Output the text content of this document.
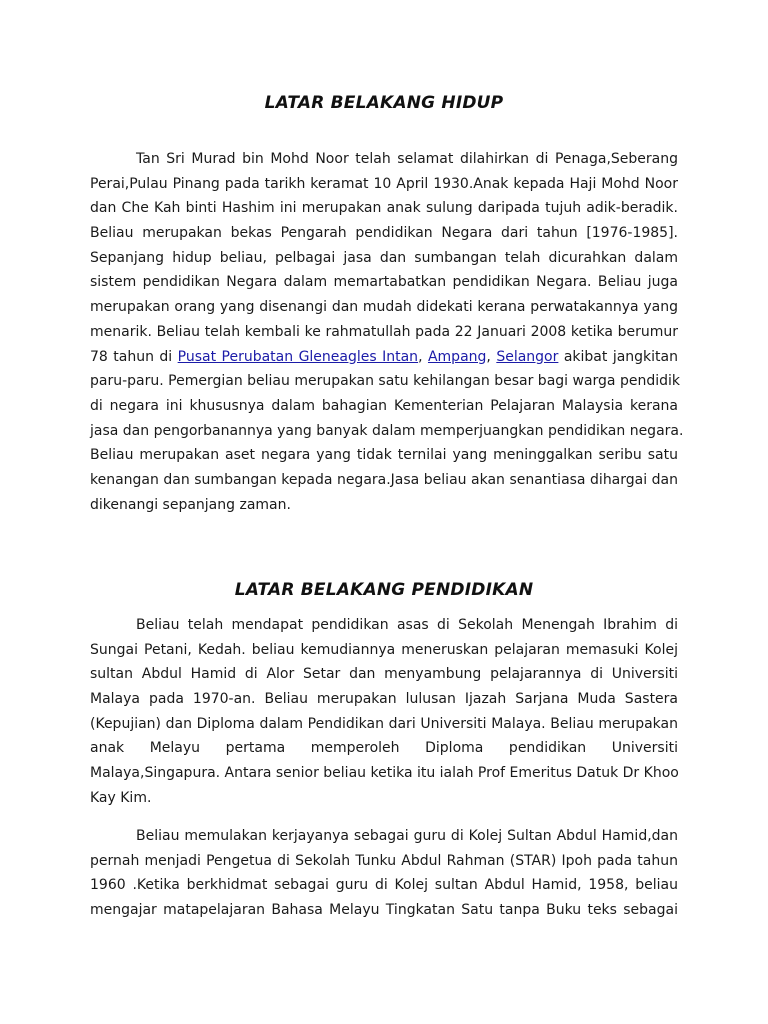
LATAR BELAKANG HIDUP
Tan Sri Murad bin Mohd Noor telah selamat dilahirkan di Penaga,Seberang
Perai,Pulau Pinang pada tarikh keramat 10 April 1930.Anak kepada Haji Mohd Noor
dan Che Kah binti Hashim ini merupakan anak sulung daripada tujuh adik-beradik.
Beliau merupakan bekas Pengarah pendidikan Negara dari tahun [1976-1985].
Sepanjang hidup beliau, pelbagai jasa dan sumbangan telah dicurahkan dalam
sistem pendidikan Negara dalam memartabatkan pendidikan Negara. Beliau juga
merupakan orang yang disenangi dan mudah didekati kerana perwatakannya yang
menarik. Beliau telah kembali ke rahmatullah pada 22 Januari 2008 ketika berumur
78 tahun di Pusat Perubatan Gleneagles Intan, Ampang, Selangor akibat jangkitan
paru-paru. Pemergian beliau merupakan satu kehilangan besar bagi warga pendidik
di negara ini khususnya dalam bahagian Kementerian Pelajaran Malaysia kerana
jasa dan pengorbanannya yang banyak dalam memperjuangkan pendidikan negara.
Beliau merupakan aset negara yang tidak ternilai yang meninggalkan seribu satu
kenangan dan sumbangan kepada negara.Jasa beliau akan senantiasa dihargai dan
dikenangi sepanjang zaman.
LATAR BELAKANG PENDIDIKAN
Beliau telah mendapat pendidikan asas di Sekolah Menengah Ibrahim di
Sungai Petani, Kedah. beliau kemudiannya meneruskan pelajaran memasuki Kolej
sultan Abdul Hamid di Alor Setar dan menyambung pelajarannya di Universiti
Malaya pada 1970-an. Beliau merupakan lulusan Ijazah Sarjana Muda Sastera
(Kepujian) dan Diploma dalam Pendidikan dari Universiti Malaya. Beliau merupakan
anak Melayu pertama memperoleh Diploma pendidikan Universiti
Malaya,Singapura. Antara senior beliau ketika itu ialah Prof Emeritus Datuk Dr Khoo
Kay Kim.
Beliau memulakan kerjayanya sebagai guru di Kolej Sultan Abdul Hamid,dan
pernah menjadi Pengetua di Sekolah Tunku Abdul Rahman (STAR) Ipoh pada tahun
1960 .Ketika berkhidmat sebagai guru di Kolej sultan Abdul Hamid, 1958, beliau
mengajar matapelajaran Bahasa Melayu Tingkatan Satu tanpa Buku teks sebagai
